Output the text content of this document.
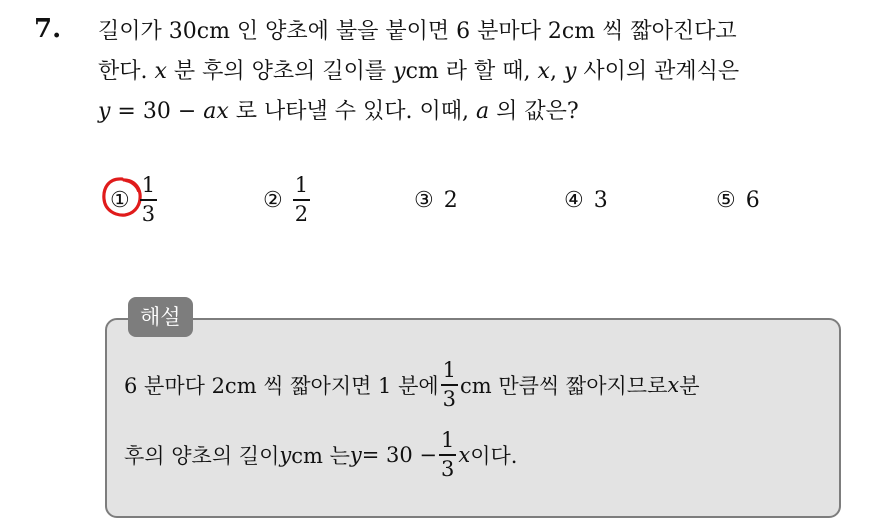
7. 길이가 30cm 인 양초에 불을 붙이면 6 분마다 2cm 씩 짧아진다고
한다. x 분 후의 양초의 길이를 ycm 라 할 때, x, y 사이의 관계식은
y = 30 − ax 로 나타낼 수 있다. 이때, a 의 값은?
① $\frac{1}{3}$	② $\frac{1}{2}$	③ 2	④ 3	⑤ 6
해설
6 분마다 2cm 씩 짧아지면 1 분에 $\frac{1}{3}$ cm 만큼씩 짧아지므로 x 분
후의 양초의 길이 y cm 는 $y = 30 - \frac{1}{3}$ x 이다.
